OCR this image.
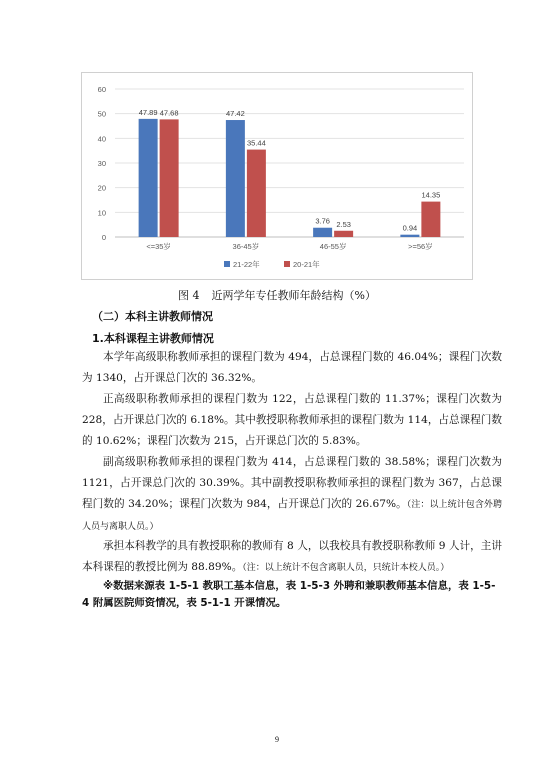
0
10
20
30
40
50
60
47.89 47.68
<=35岁
47.42
35.44
36-45岁
3.76 2.53
46-55岁
0.94
14.35
>=56岁
21-22年	20-21年
图 4 近两学年专任教师年龄结构（%）
（二）本科主讲教师情况
1.本科课程主讲教师情况

本学年高级职称教师承担的课程门数为 494，占总课程门数的 46.04%；课程门次数为 1340，占开课总门次的 36.32%。

正高级职称教师承担的课程门数为 122，占总课程门数的 11.37%；课程门次数为 228，占开课总门次的 6.18%。其中教授职称教师承担的课程门数为 114，占总课程门数的 10.62%；课程门次数为 215，占开课总门次的 5.83%。

副高级职称教师承担的课程门数为 414，占总课程门数的 38.58%；课程门次数为 1121，占开课总门次的 30.39%。其中副教授职称教师承担的课程门数为 367，占总课程门数的 34.20%；课程门次数为 984，占开课总门次的 26.67%。（注：以上统计包含外聘人员与离职人员。）

承担本科教学的具有教授职称的教师有 8 人，以我校具有教授职称教师 9 人计，主讲本科课程的教授比例为 88.89%。（注：以上统计不包含离职人员，只统计本校人员。）

※数据来源表 1-5-1 教职工基本信息，表 1-5-3 外聘和兼职教师基本信息，表 1-5-4 附属医院师资情况，表 5-1-1 开课情况。
9
